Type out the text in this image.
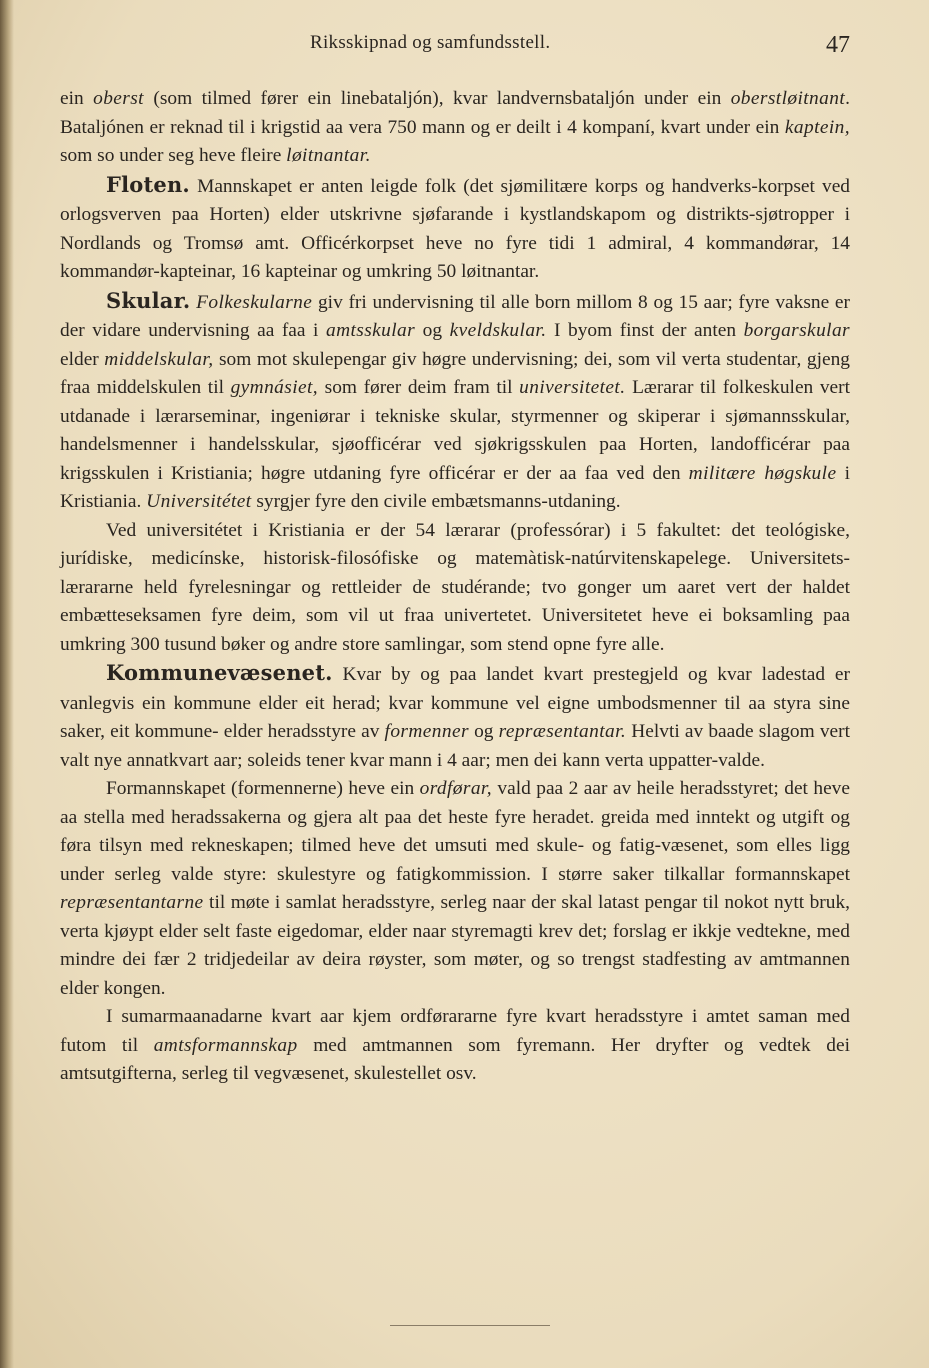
Riksskipnad og samfundsstell.	47

ein oberst (som tilmed fører ein linebataljón), kvar landvernsbataljón under ein oberstløitnant. Bataljónen er reknad til i krigstid aa vera 750 mann og er deilt i 4 kompaní, kvart under ein kaptein, som so under seg heve fleire løitnantar.

Floten. Mannskapet er anten leigde folk (det sjømilitære korps og handverks-korpset ved orlogsverven paa Horten) elder utskrivne sjøfarande i kystlandskapom og distrikts-sjøtropper i Nordlands og Tromsø amt. Officérkorpset heve no fyre tidi 1 admiral, 4 kommandørar, 14 kommandør-kapteinar, 16 kapteinar og umkring 50 løitnantar.

Skular. Folkeskularne giv fri undervisning til alle born millom 8 og 15 aar; fyre vaksne er der vidare undervisning aa faa i amtsskular og kveldskular. I byom finst der anten borgarskular elder middelskular, som mot skulepengar giv høgre undervisning; dei, som vil verta studentar, gjeng fraa middelskulen til gymnásiet, som fører deim fram til universitetet. Lærarar til folkeskulen vert utdanade i lærarseminar, ingeniørar i tekniske skular, styrmenner og skiperar i sjømannsskular, handelsmenner i handelsskular, sjøofficérar ved sjøkrigsskulen paa Horten, landofficérar paa krigsskulen i Kristiania; høgre utdaning fyre officérar er der aa faa ved den militære høgskule i Kristiania. Universitétet syrgjer fyre den civile embætsmanns-utdaning.

Ved universitétet i Kristiania er der 54 lærarar (professórar) i 5 fakultet: det teológiske, jurídiske, medicínske, historisk-filosófiske og matemàtisk-natúrvitenskapelege. Universitets-lærararne held fyrelesningar og rettleider de studérande; tvo gonger um aaret vert der haldet embætteseksamen fyre deim, som vil ut fraa univertetet. Universitetet heve ei boksamling paa umkring 300 tusund bøker og andre store samlingar, som stend opne fyre alle.

Kommunevæsenet. Kvar by og paa landet kvart prestegjeld og kvar ladestad er vanlegvis ein kommune elder eit herad; kvar kommune vel eigne umbodsmenner til aa styra sine saker, eit kommune- elder heradsstyre av formenner og repræsentantar. Helvti av baade slagom vert valt nye annatkvart aar; soleids tener kvar mann i 4 aar; men dei kann verta uppatter-valde.

Formannskapet (formennerne) heve ein ordførar, vald paa 2 aar av heile heradsstyret; det heve aa stella med heradssakerna og gjera alt paa det heste fyre heradet. greida med inntekt og utgift og føra tilsyn med rekneskapen; tilmed heve det umsuti med skule- og fatig-væsenet, som elles ligg under serleg valde styre: skulestyre og fatigkommission. I større saker tilkallar formannskapet repræsentantarne til møte i samlat heradsstyre, serleg naar der skal latast pengar til nokot nytt bruk, verta kjøypt elder selt faste eigedomar, elder naar styremagti krev det; forslag er ikkje vedtekne, med mindre dei fær 2 tridjedeilar av deira røyster, som møter, og so trengst stadfesting av amtmannen elder kongen.

I sumarmaanadarne kvart aar kjem ordførararne fyre kvart heradsstyre i amtet saman med futom til amtsformannskap med amtmannen som fyremann. Her dryfter og vedtek dei amtsutgifterna, serleg til vegvæsenet, skulestellet osv.
